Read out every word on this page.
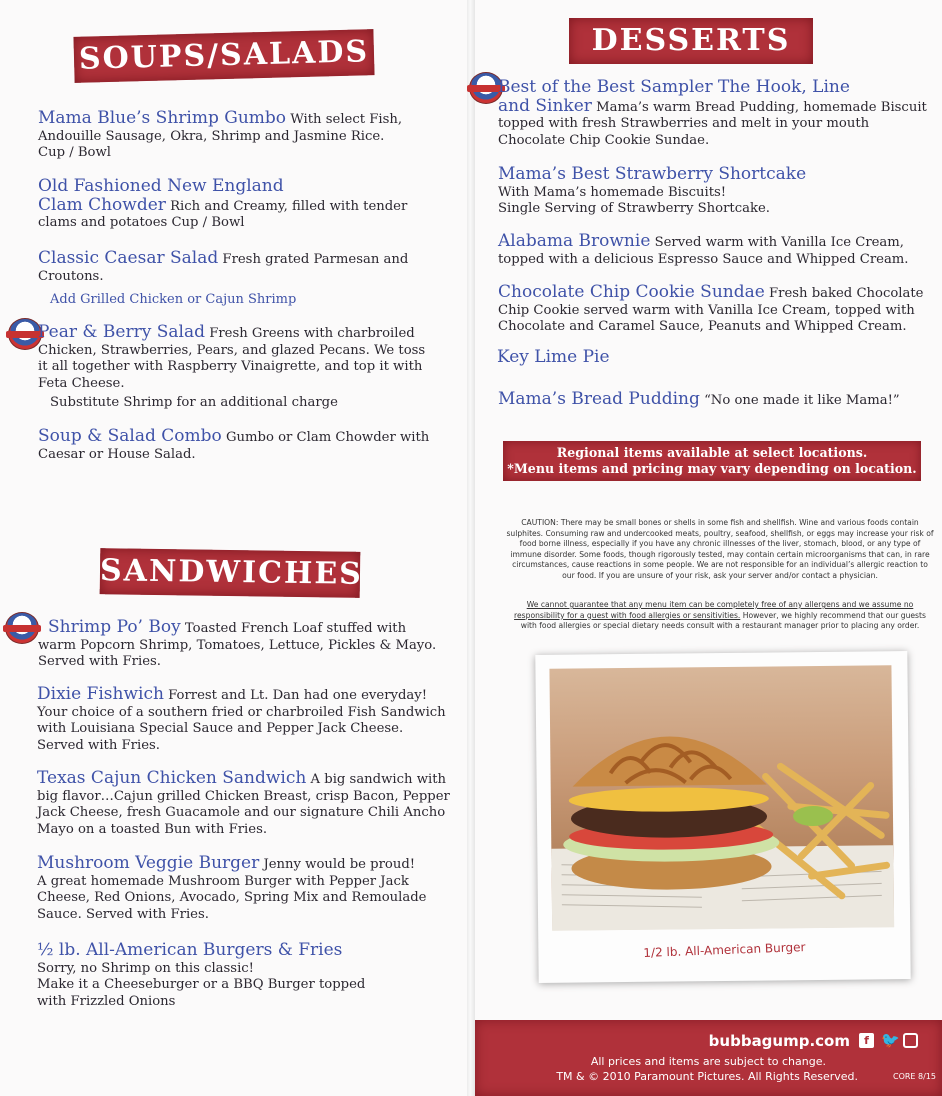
SOUPS/SALADS
Mama Blue’s Shrimp Gumbo With select Fish, Andouille Sausage, Okra, Shrimp and Jasmine Rice.
Cup / Bowl
Old Fashioned New England
Clam Chowder Rich and Creamy, filled with tender clams and potatoes Cup / Bowl
Classic Caesar Salad Fresh grated Parmesan and Croutons.
Add Grilled Chicken or Cajun Shrimp
Pear & Berry Salad Fresh Greens with charbroiled Chicken, Strawberries, Pears, and glazed Pecans. We toss it all together with Raspberry Vinaigrette, and top it with Feta Cheese.
Substitute Shrimp for an additional charge
Soup & Salad Combo Gumbo or Clam Chowder with Caesar or House Salad.
SANDWICHES
Shrimp Po’ Boy Toasted French Loaf stuffed with warm Popcorn Shrimp, Tomatoes, Lettuce, Pickles & Mayo.
Served with Fries.
Dixie Fishwich Forrest and Lt. Dan had one everyday! Your choice of a southern fried or charbroiled Fish Sandwich with Louisiana Special Sauce and Pepper Jack Cheese.
Served with Fries.
Texas Cajun Chicken Sandwich A big sandwich with big flavor…Cajun grilled Chicken Breast, crisp Bacon, Pepper Jack Cheese, fresh Guacamole and our signature Chili Ancho Mayo on a toasted Bun with Fries.
Mushroom Veggie Burger Jenny would be proud!
A great homemade Mushroom Burger with Pepper Jack Cheese, Red Onions, Avocado, Spring Mix and Remoulade Sauce. Served with Fries.
½ lb. All-American Burgers & Fries
Sorry, no Shrimp on this classic!
Make it a Cheeseburger or a BBQ Burger topped with Frizzled Onions
DESSERTS
Best of the Best Sampler The Hook, Line
and Sinker Mama’s warm Bread Pudding, homemade Biscuit topped with fresh Strawberries and melt in your mouth Chocolate Chip Cookie Sundae.
Mama’s Best Strawberry Shortcake
With Mama’s homemade Biscuits!
Single Serving of Strawberry Shortcake.
Alabama Brownie Served warm with Vanilla Ice Cream, topped with a delicious Espresso Sauce and Whipped Cream.
Chocolate Chip Cookie Sundae Fresh baked Chocolate Chip Cookie served warm with Vanilla Ice Cream, topped with Chocolate and Caramel Sauce, Peanuts and Whipped Cream.
Key Lime Pie
Mama’s Bread Pudding “No one made it like Mama!”
Regional items available at select locations.
*Menu items and pricing may vary depending on location.
CAUTION: There may be small bones or shells in some fish and shellfish. Wine and various foods contain sulphites. Consuming raw and undercooked meats, poultry, seafood, shellfish, or eggs may increase your risk of food borne illness, especially if you have any chronic illnesses of the liver, stomach, blood, or any type of immune disorder. Some foods, though rigorously tested, may contain certain microorganisms that can, in rare circumstances, cause reactions in some people. We are not responsible for an individual’s allergic reaction to our food. If you are unsure of your risk, ask your server and/or contact a physician.
We cannot guarantee that any menu item can be completely free of any allergens and we assume no responsibility for a guest with food allergies or sensitivities. However, we highly recommend that our guests with food allergies or special dietary needs consult with a restaurant manager prior to placing any order.
1/2 lb. All-American Burger
bubbagump.com	f 🐦
All prices and items are subject to change.
TM & © 2010 Paramount Pictures. All Rights Reserved.	CORE 8/15
